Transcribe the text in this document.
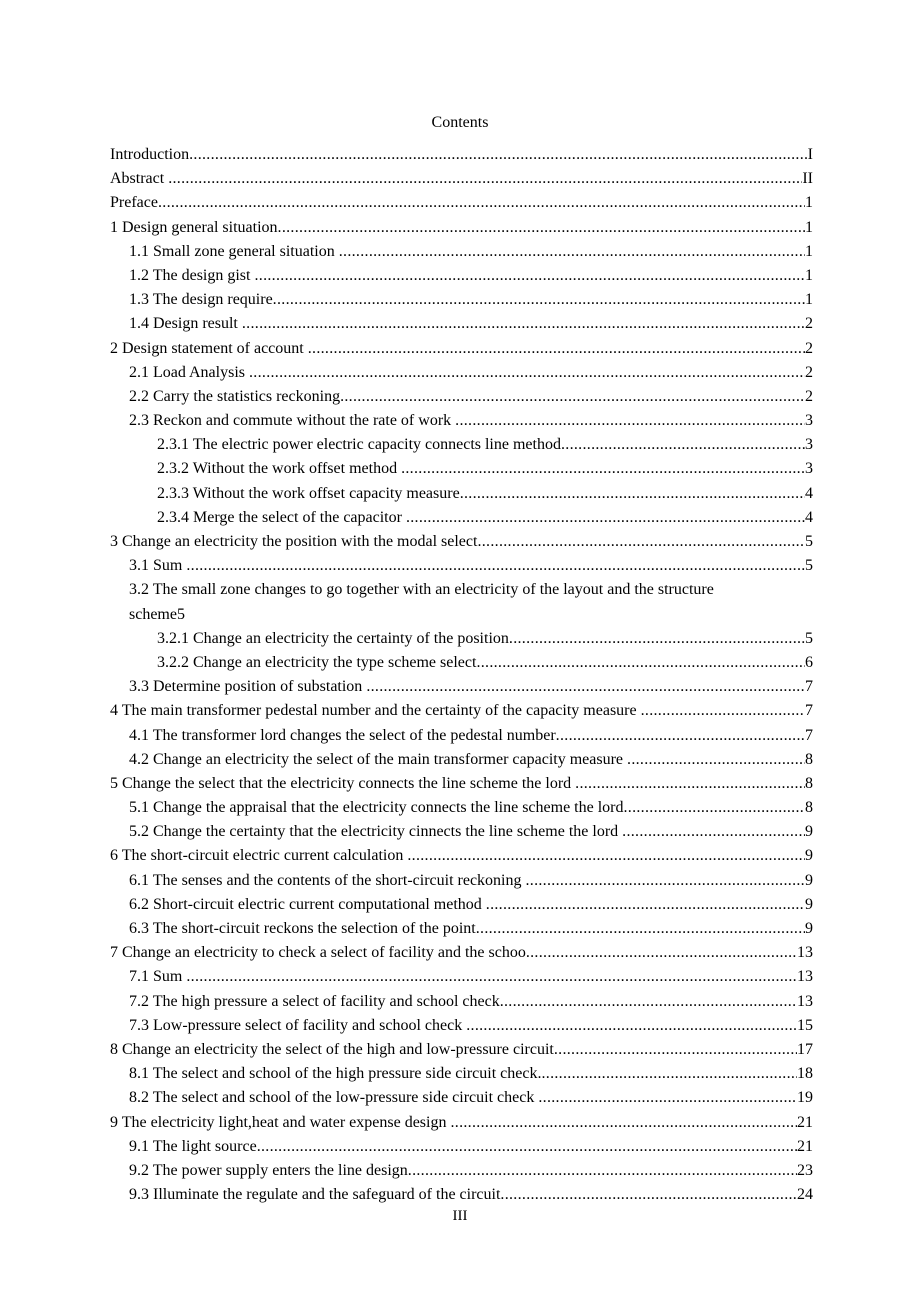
Contents
Introduction .....	I
Abstract .....	II
Preface .....	1
1 Design general situation .....	1
1.1 Small zone general situation .....	1
1.2 The design gist .....	1
1.3 The design require .....	1
1.4 Design result .....	2
2 Design statement of account .....	2
2.1 Load Analysis .....	2
2.2 Carry the statistics reckoning .....	2
2.3 Reckon and commute without the rate of work .....	3
2.3.1 The electric power electric capacity connects line method .....	3
2.3.2 Without the work offset method .....	3
2.3.3 Without the work offset capacity measure .....	4
2.3.4 Merge the select of the capacitor .....	4
3 Change an electricity the position with the modal select .....	5
3.1 Sum .....	5
3.2 The small zone changes to go together with an electricity of the layout and the structure
scheme 5
3.2.1 Change an electricity the certainty of the position .....	5
3.2.2 Change an electricity the type scheme select .....	6
3.3 Determine position of substation .....	7
4 The main transformer pedestal number and the certainty of the capacity measure .....	7
4.1 The transformer lord changes the select of the pedestal number .....	7
4.2 Change an electricity the select of the main transformer capacity measure .....	8
5 Change the select that the electricity connects the line scheme the lord .....	8
5.1 Change the appraisal that the electricity connects the line scheme the lord .....	8
5.2 Change the certainty that the electricity cinnects the line scheme the lord .....	9
6 The short-circuit electric current calculation .....	9
6.1 The senses and the contents of the short-circuit reckoning .....	9
6.2 Short-circuit electric current computational method .....	9
6.3 The short-circuit reckons the selection of the point .....	9
7 Change an electricity to check a select of facility and the schoo .....	13
7.1 Sum .....	13
7.2 The high pressure a select of facility and school check .....	13
7.3 Low-pressure select of facility and school check .....	15
8 Change an electricity the select of the high and low-pressure circuit .....	17
8.1 The select and school of the high pressure side circuit check. .....	18
8.2 The select and school of the low-pressure side circuit check .....	19
9 The electricity light,heat and water expense design .....	21
9.1 The light source .....	21
9.2 The power supply enters the line design .....	23
9.3 Illuminate the regulate and the safeguard of the circuit .....	24
III
